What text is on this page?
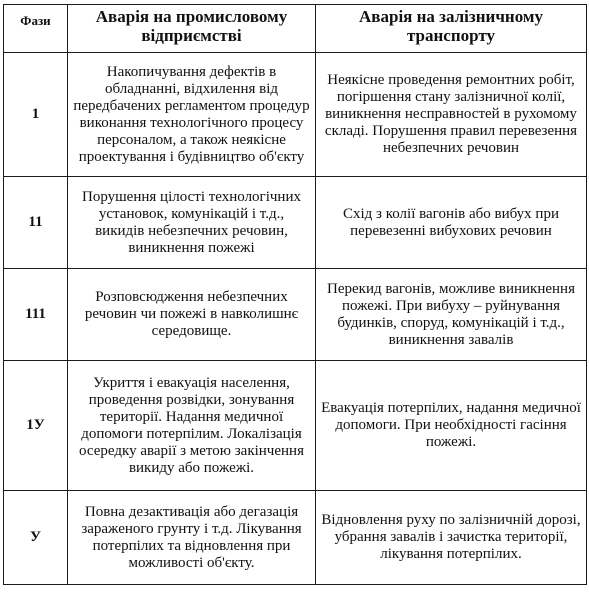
Фази	Аварія на промисловому відприємстві	Аварія на залізничному транспорту
1	Накопичування дефектів в обладнанні, відхилення від передбачених регламентом процедур виконання технологічного процесу персоналом, а також неякісне проектування і будівництво об'єкту	Неякісне проведення ремонтних робіт, погіршення стану залізничної колії, виникнення несправностей в рухомому складі. Порушення правил перевезення небезпечних речовин
11	Порушення цілості технологічних установок, комунікацій і т.д., викидів небезпечних речовин, виникнення пожежі	Схід з колії вагонів або вибух при перевезенні вибухових речовин
111	Розповсюдження небезпечних речовин чи пожежі в навколишнє середовище.	Перекид вагонів, можливе виникнення пожежі. При вибуху – руйнування будинків, споруд, комунікацій і т.д., виникнення завалів
1У	Укриття і евакуація населення, проведення розвідки, зонування території. Надання медичної допомоги потерпілим. Локалізація осередку аварії з метою закінчення викиду або пожежі.	Евакуація потерпілих, надання медичної допомоги. При необхідності гасіння пожежі.
У	Повна дезактивація або дегазація зараженого грунту і т.д. Лікування потерпілих та відновлення при можливості об'єкту.	Відновлення руху по залізничній дорозі, убрання завалів і зачистка території, лікування потерпілих.
